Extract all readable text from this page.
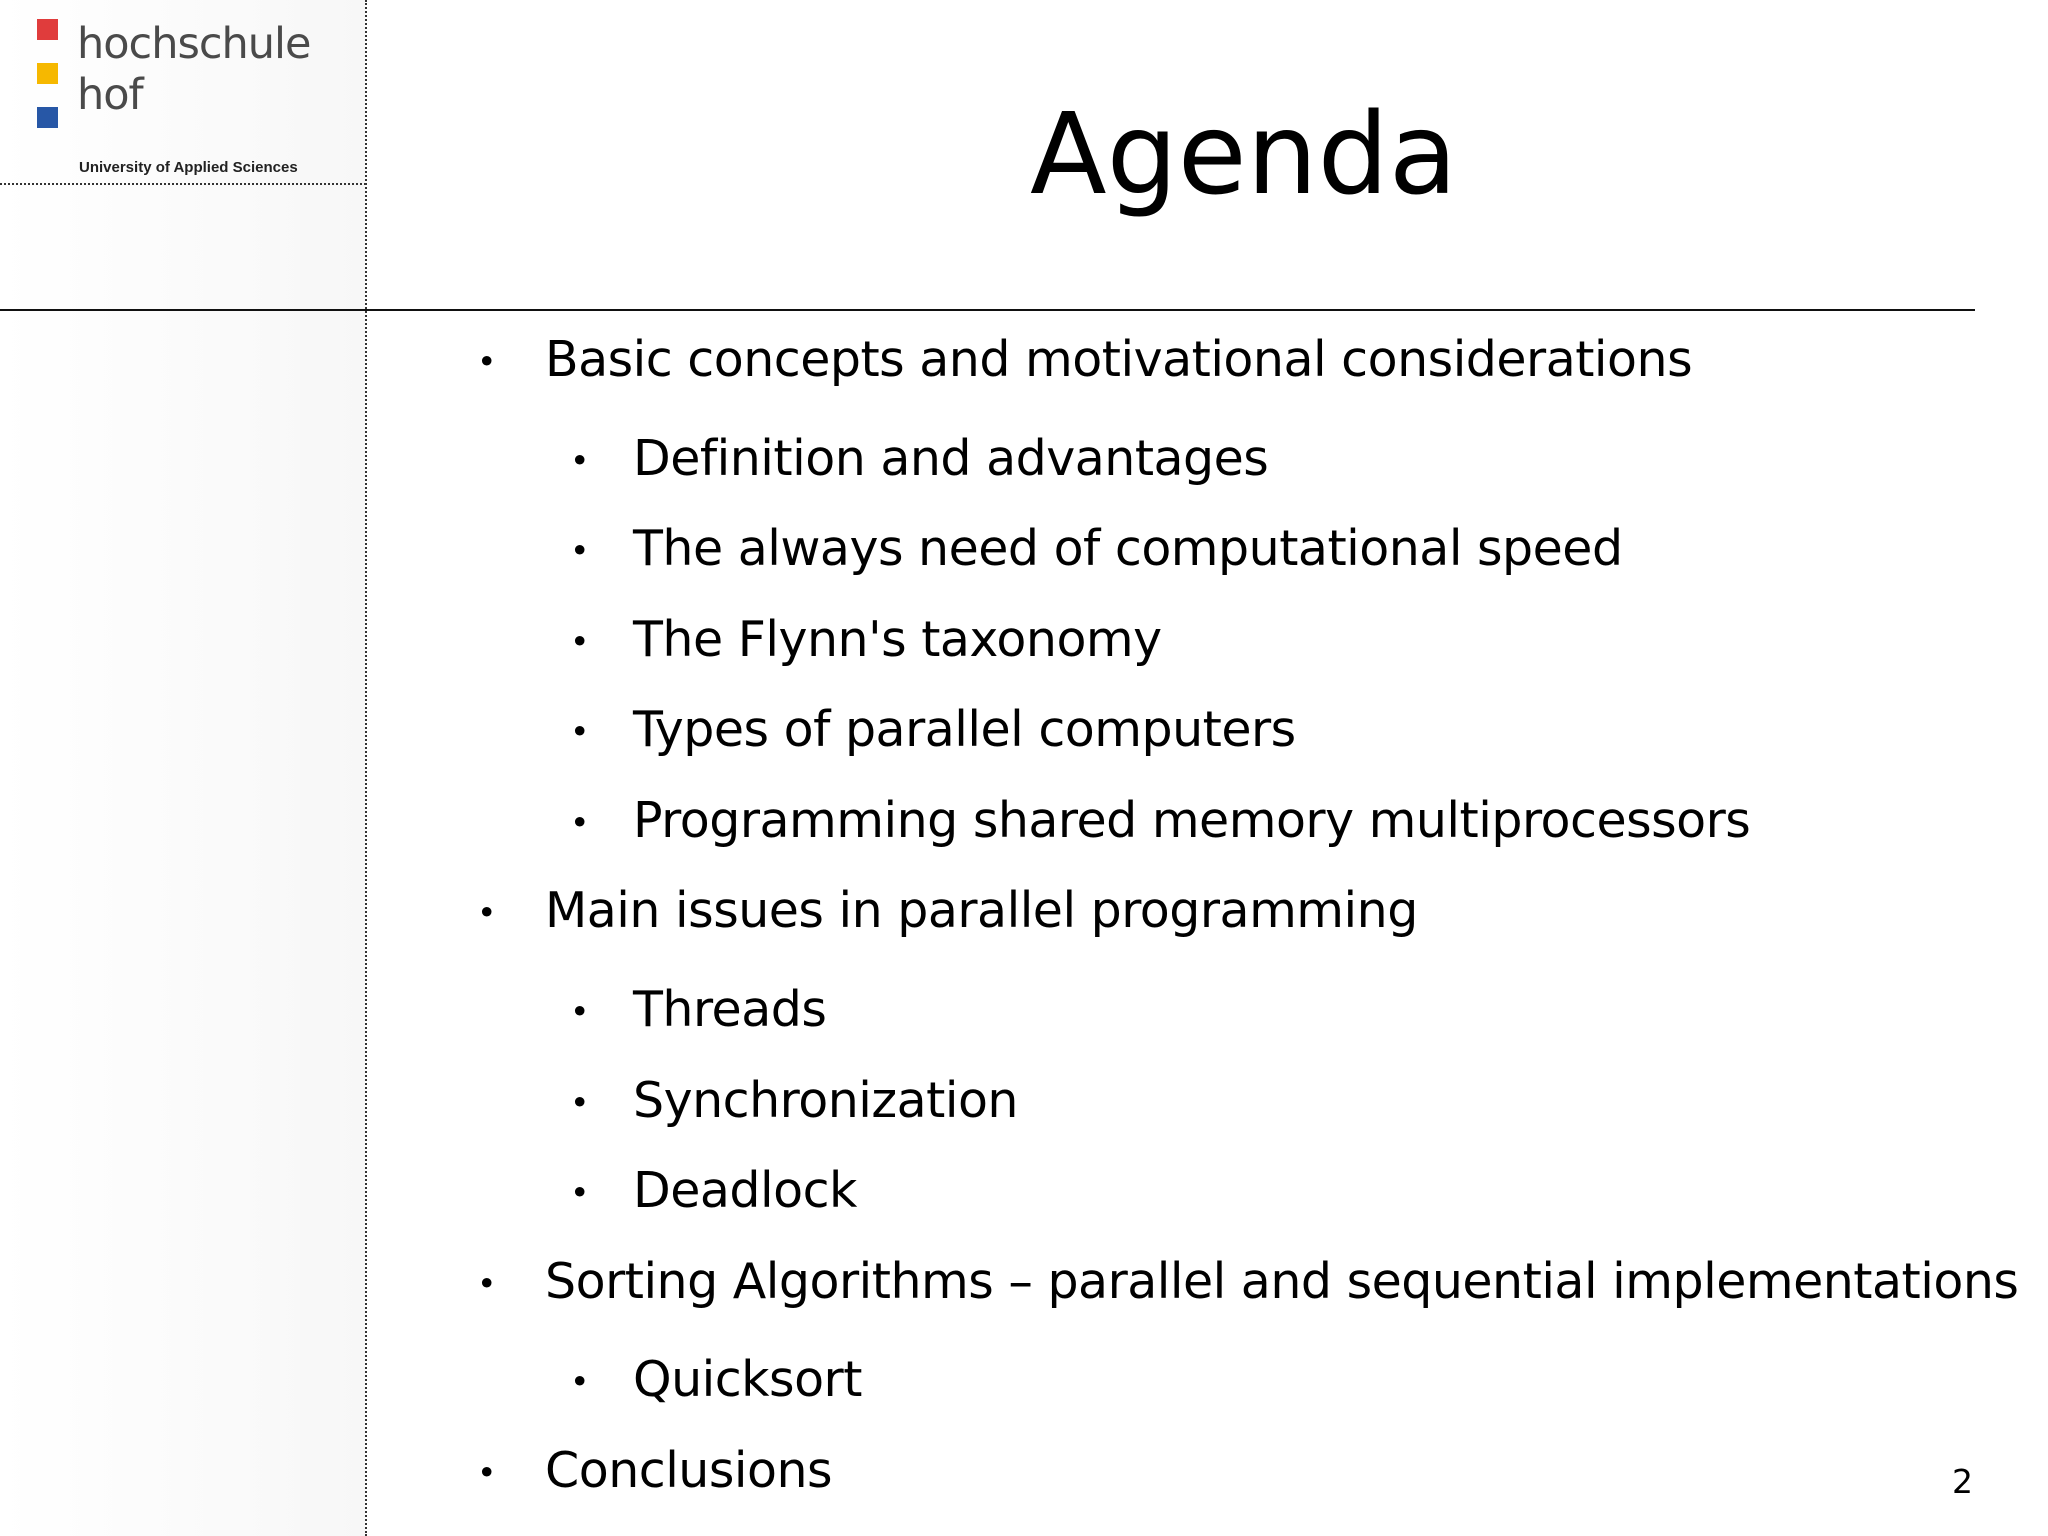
hochschule
hof
University of Applied Sciences	Agenda
• Basic concepts and motivational considerations
• Definition and advantages
• The always need of computational speed
• The Flynn's taxonomy
• Types of parallel computers
• Programming shared memory multiprocessors
• Main issues in parallel programming
• Threads
• Synchronization
• Deadlock
• Sorting Algorithms – parallel and sequential implementations
• Quicksort
• Conclusions	2
